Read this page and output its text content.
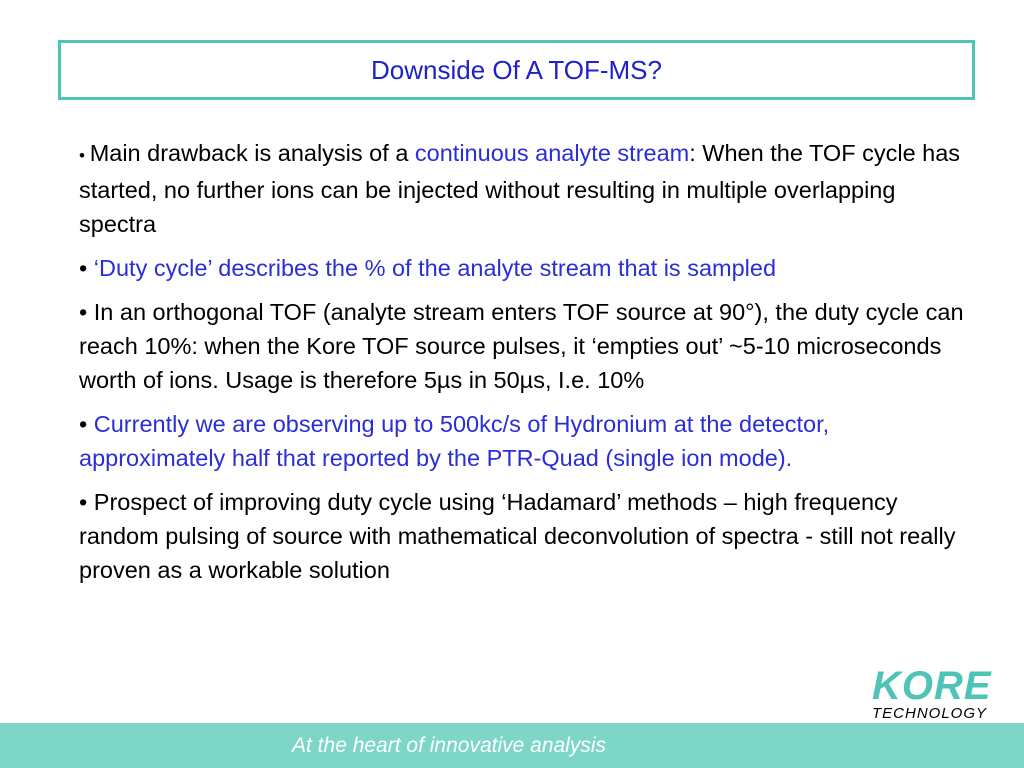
Downside Of A TOF-MS?

• Main drawback is analysis of a continuous analyte stream: When the TOF cycle has started, no further ions can be injected without resulting in multiple overlapping spectra

• ‘Duty cycle’ describes the % of the analyte stream that is sampled

• In an orthogonal TOF (analyte stream enters TOF source at 90°), the duty cycle can reach 10%: when the Kore TOF source pulses, it ‘empties out’ ~5-10 microseconds worth of ions. Usage is therefore 5µs in 50µs, I.e. 10%

• Currently we are observing up to 500kc/s of Hydronium at the detector, approximately half that reported by the PTR-Quad (single ion mode).

• Prospect of improving duty cycle using ‘Hadamard’ methods – high frequency random pulsing of source with mathematical deconvolution of spectra - still not really proven as a workable solution

KORE
TECHNOLOGY
At the heart of innovative analysis
